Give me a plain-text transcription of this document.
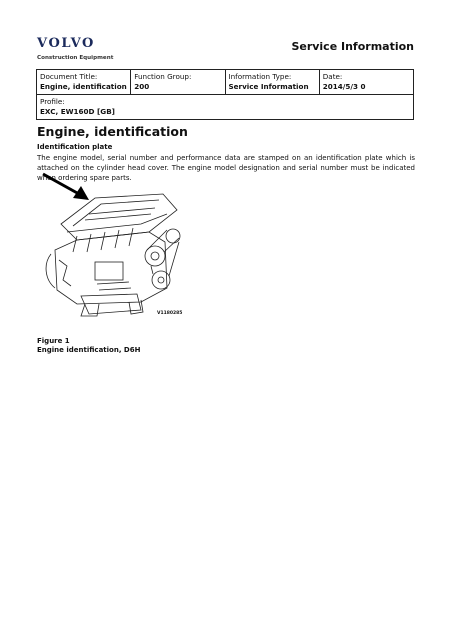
VOLVO
Construction Equipment
Service Information
Document Title:
Engine, identification

Function Group:
200

Information Type:
Service Information

Date:
2014/5/3 0

Profile:
EXC, EW160D [GB]
Engine, identification
Identification plate
The engine model, serial number and performance data are stamped on an identification plate which is attached on the cylinder head cover. The engine model designation and serial number must be indicated when ordering spare parts.
V1180285
Figure 1
Engine identification, D6H
